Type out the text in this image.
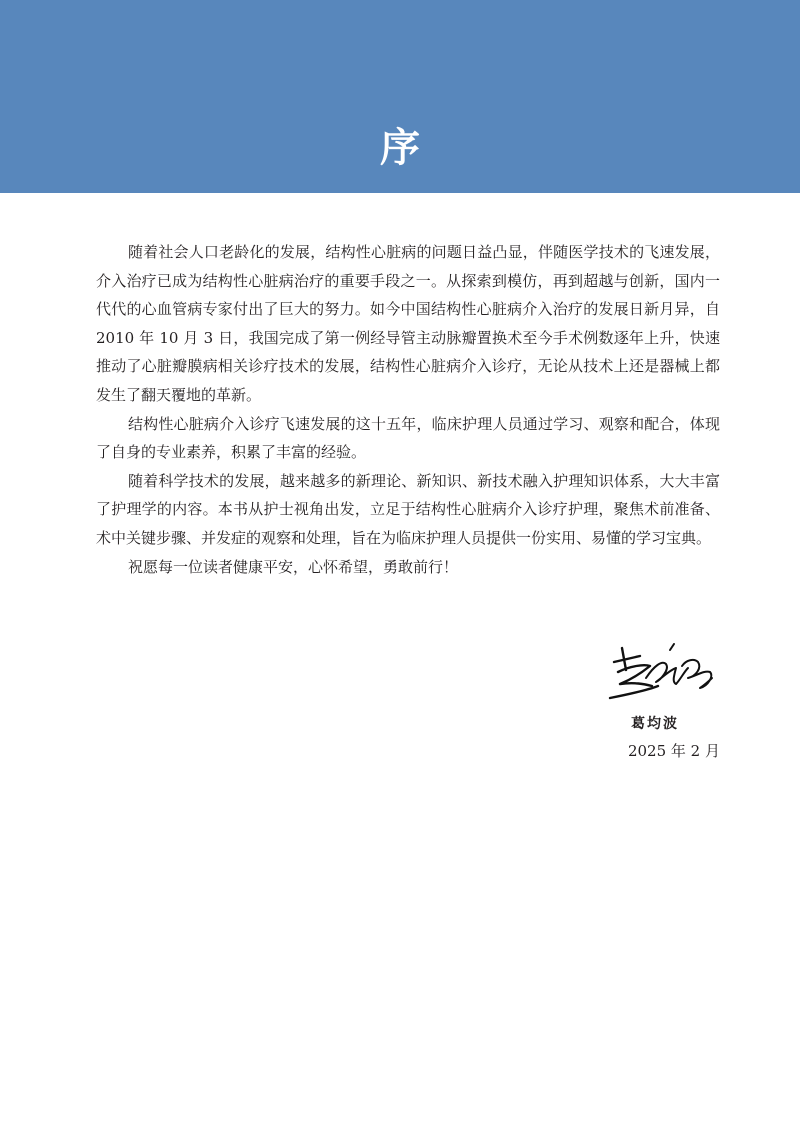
序

随着社会人口老龄化的发展，结构性心脏病的问题日益凸显，伴随医学技术的飞速发展，介入治疗已成为结构性心脏病治疗的重要手段之一。从探索到模仿，再到超越与创新，国内一代代的心血管病专家付出了巨大的努力。如今中国结构性心脏病介入治疗的发展日新月异，自 2010 年 10 月 3 日，我国完成了第一例经导管主动脉瓣置换术至今手术例数逐年上升，快速推动了心脏瓣膜病相关诊疗技术的发展，结构性心脏病介入诊疗，无论从技术上还是器械上都发生了翻天覆地的革新。

结构性心脏病介入诊疗飞速发展的这十五年，临床护理人员通过学习、观察和配合，体现了自身的专业素养，积累了丰富的经验。

随着科学技术的发展，越来越多的新理论、新知识、新技术融入护理知识体系，大大丰富了护理学的内容。本书从护士视角出发，立足于结构性心脏病介入诊疗护理，聚焦术前准备、术中关键步骤、并发症的观察和处理，旨在为临床护理人员提供一份实用、易懂的学习宝典。

祝愿每一位读者健康平安，心怀希望，勇敢前行！

葛均波
2025 年 2 月
